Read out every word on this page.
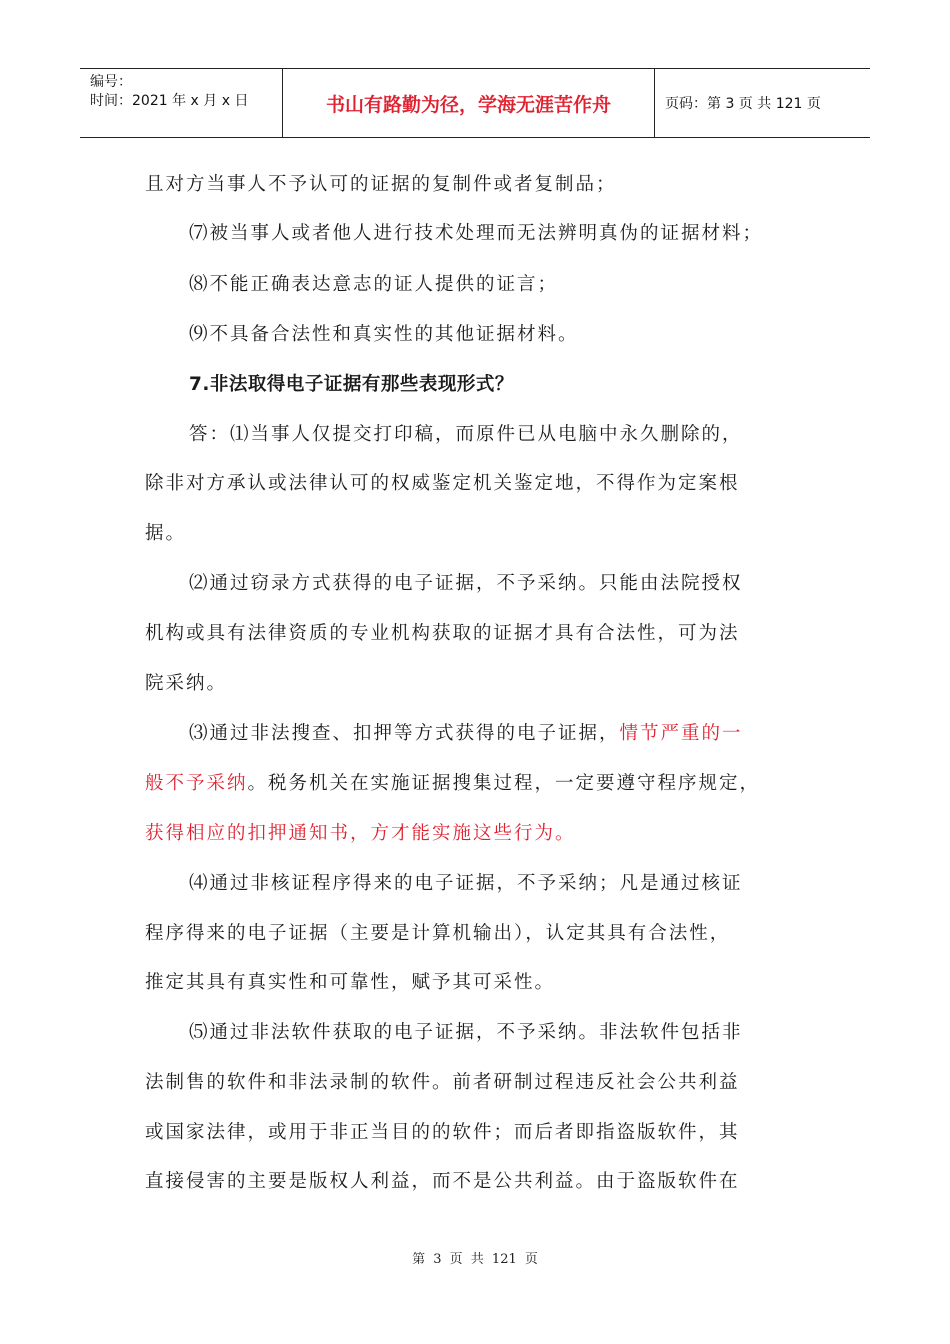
编号：
时间：2021 年 x 月 x 日	书山有路勤为径，学海无涯苦作舟	页码：第 3 页 共 121 页
且对方当事人不予认可的证据的复制件或者复制品；
⑺被当事人或者他人进行技术处理而无法辨明真伪的证据材料；
⑻不能正确表达意志的证人提供的证言；
⑼不具备合法性和真实性的其他证据材料。
7.非法取得电子证据有那些表现形式？
答：⑴当事人仅提交打印稿，而原件已从电脑中永久删除的，
除非对方承认或法律认可的权威鉴定机关鉴定地，不得作为定案根
据。
⑵通过窃录方式获得的电子证据，不予采纳。只能由法院授权
机构或具有法律资质的专业机构获取的证据才具有合法性，可为法
院采纳。
⑶通过非法搜查、扣押等方式获得的电子证据，情节严重的一
般不予采纳。税务机关在实施证据搜集过程，一定要遵守程序规定，
获得相应的扣押通知书，方才能实施这些行为。
⑷通过非核证程序得来的电子证据，不予采纳；凡是通过核证
程序得来的电子证据（主要是计算机输出），认定其具有合法性，
推定其具有真实性和可靠性，赋予其可采性。
⑸通过非法软件获取的电子证据，不予采纳。非法软件包括非
法制售的软件和非法录制的软件。前者研制过程违反社会公共利益
或国家法律，或用于非正当目的的软件；而后者即指盗版软件，其
直接侵害的主要是版权人利益，而不是公共利益。由于盗版软件在
第 3 页 共 121 页
